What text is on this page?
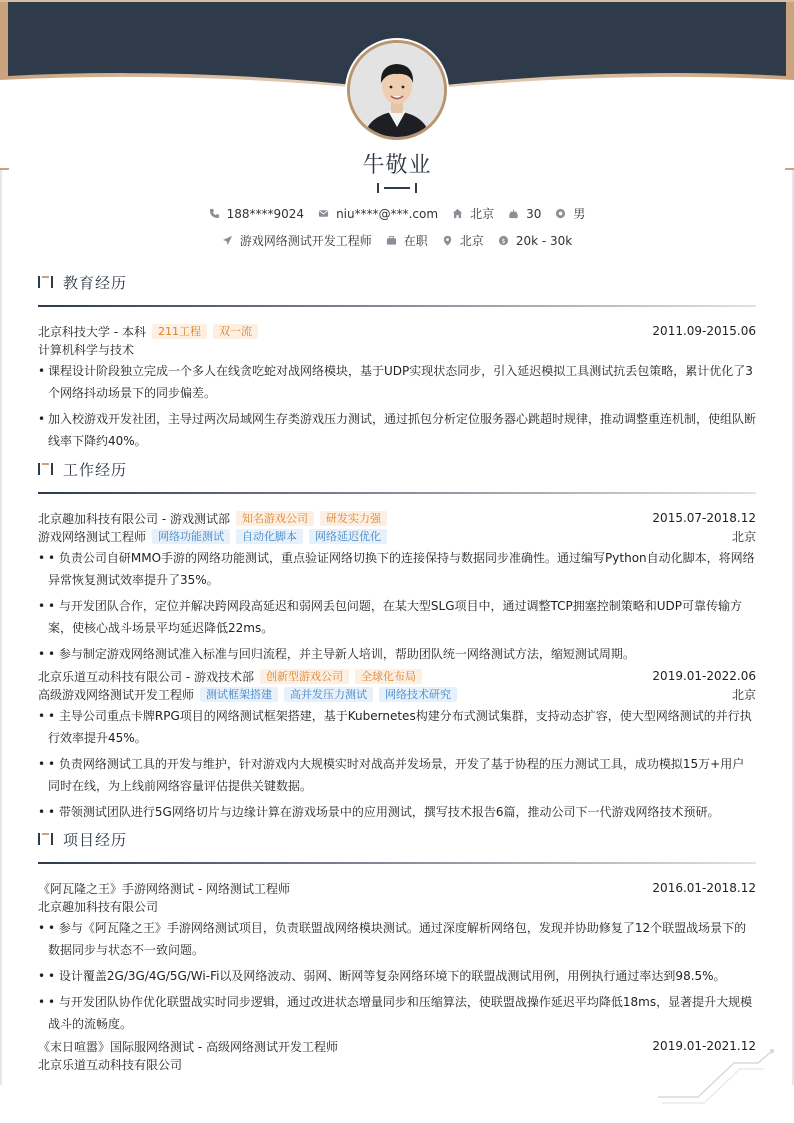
牛敬业
188****9024	niu****@***.com	北京	30	男
游戏网络测试开发工程师	在职	北京 $ 20k - 30k
教育经历
北京科技大学 - 本科	211工程	双一流	2011.09-2015.06
计算机科学与技术
• 课程设计阶段独立完成一个多人在线贪吃蛇对战网络模块，基于UDP实现状态同步，引入延迟模拟工具测试抗丢包策略，累计优化了3个网络抖动场景下的同步偏差。
• 加入校游戏开发社团，主导过两次局域网生存类游戏压力测试，通过抓包分析定位服务器心跳超时规律，推动调整重连机制，使组队断线率下降约40%。
工作经历
北京趣加科技有限公司 - 游戏测试部	知名游戏公司	研发实力强	2015.07-2018.12
游戏网络测试工程师	网络功能测试	自动化脚本	网络延迟优化	北京
• • 负责公司自研MMO手游的网络功能测试，重点验证网络切换下的连接保持与数据同步准确性。通过编写Python自动化脚本，将网络异常恢复测试效率提升了35%。
• • 与开发团队合作，定位并解决跨网段高延迟和弱网丢包问题，在某大型SLG项目中，通过调整TCP拥塞控制策略和UDP可靠传输方案，使核心战斗场景平均延迟降低22ms。
• • 参与制定游戏网络测试准入标准与回归流程，并主导新人培训，帮助团队统一网络测试方法，缩短测试周期。
北京乐道互动科技有限公司 - 游戏技术部	创新型游戏公司	全球化布局	2019.01-2022.06
高级游戏网络测试开发工程师	测试框架搭建	高并发压力测试	网络技术研究	北京
• • 主导公司重点卡牌RPG项目的网络测试框架搭建，基于Kubernetes构建分布式测试集群，支持动态扩容，使大型网络测试的并行执行效率提升45%。
• • 负责网络测试工具的开发与维护，针对游戏内大规模实时对战高并发场景，开发了基于协程的压力测试工具，成功模拟15万+用户同时在线，为上线前网络容量评估提供关键数据。
• • 带领测试团队进行5G网络切片与边缘计算在游戏场景中的应用测试，撰写技术报告6篇，推动公司下一代游戏网络技术预研。
项目经历
《阿瓦隆之王》手游网络测试 - 网络测试工程师	2016.01-2018.12
北京趣加科技有限公司
• • 参与《阿瓦隆之王》手游网络测试项目，负责联盟战网络模块测试。通过深度解析网络包，发现并协助修复了12个联盟战场景下的数据同步与状态不一致问题。
• • 设计覆盖2G/3G/4G/5G/Wi-Fi以及网络波动、弱网、断网等复杂网络环境下的联盟战测试用例，用例执行通过率达到98.5%。
• • 与开发团队协作优化联盟战实时同步逻辑，通过改进状态增量同步和压缩算法，使联盟战操作延迟平均降低18ms，显著提升大规模战斗的流畅度。
《末日喧嚣》国际服网络测试 - 高级网络测试开发工程师	2019.01-2021.12
北京乐道互动科技有限公司
